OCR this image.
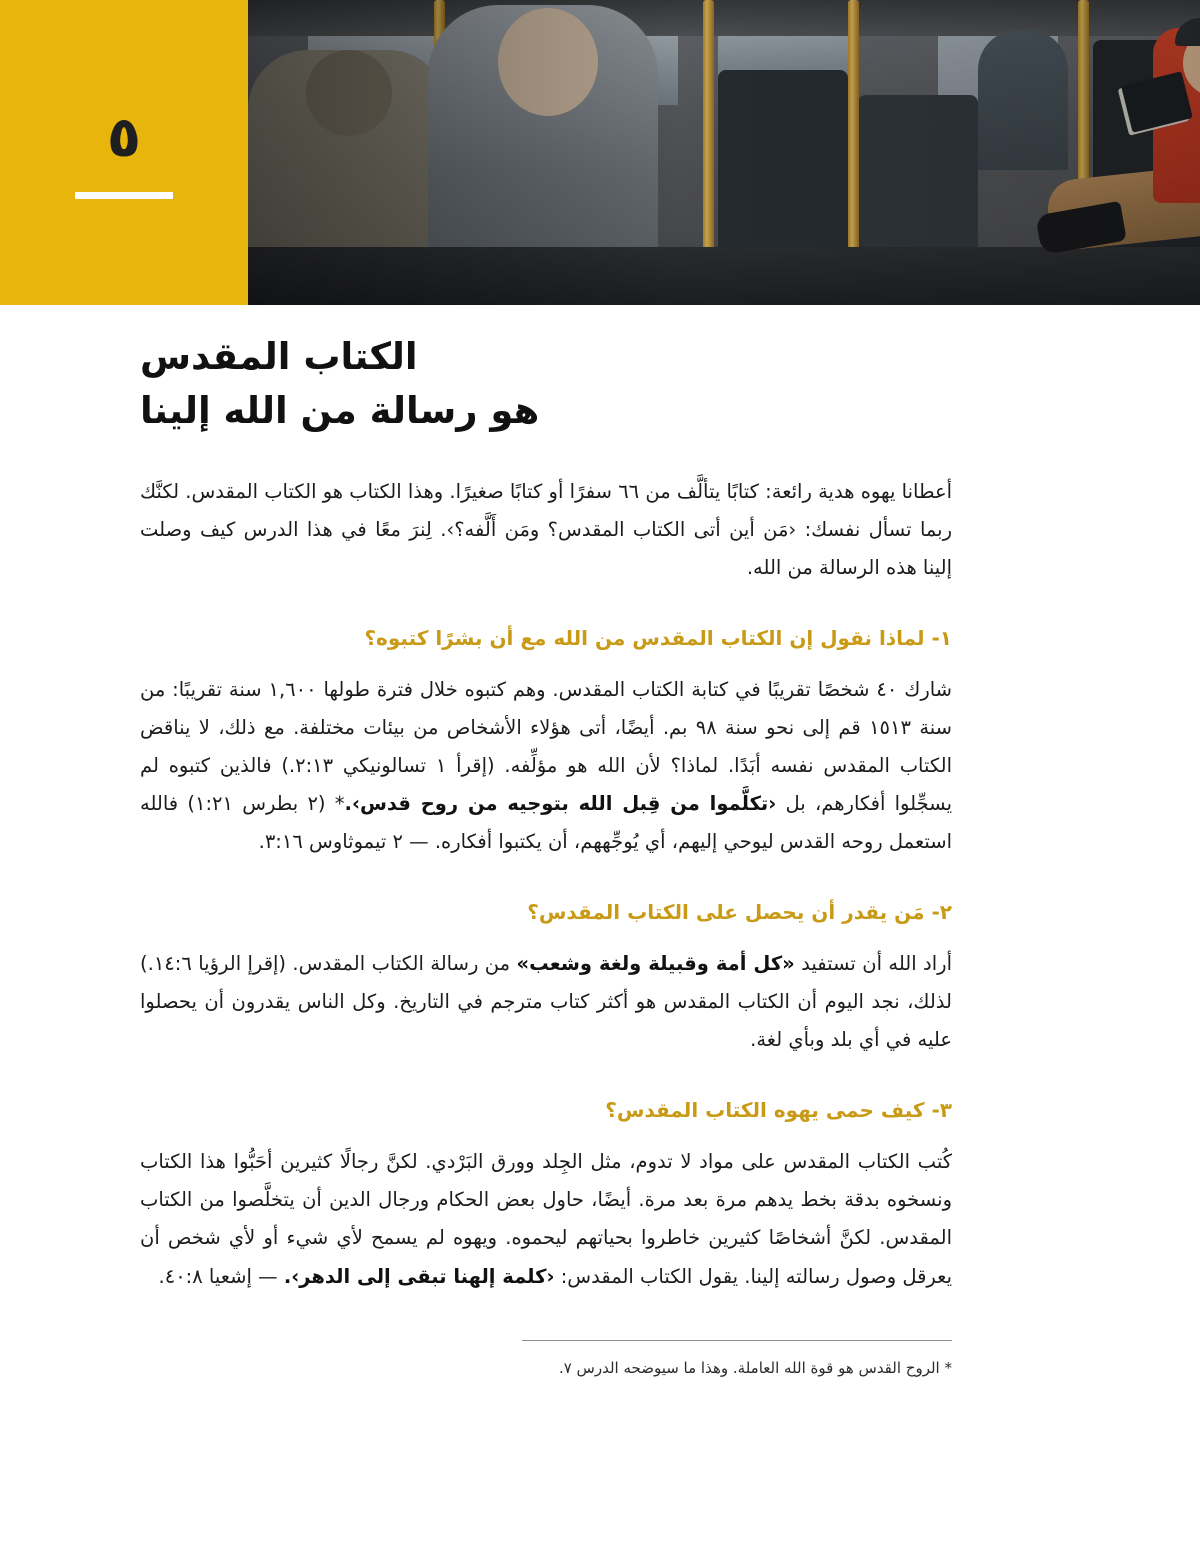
٥
الكتاب المقدس
هو رسالة من الله إلينا

أعطانا يهوه هدية رائعة: كتابًا يتألَّف من ٦٦ سفرًا أو كتابًا صغيرًا. وهذا الكتاب هو الكتاب المقدس. لكنَّك ربما تسأل نفسك: ‹مَن أين أتى الكتاب المقدس؟ ومَن أَلَّفه؟›. لِنرَ معًا في هذا الدرس كيف وصلت إلينا هذه الرسالة من الله.

١- لماذا نقول إن الكتاب المقدس من الله مع أن بشرًا كتبوه؟

شارك ٤٠ شخصًا تقريبًا في كتابة الكتاب المقدس. وهم كتبوه خلال فترة طولها ١,٦٠٠ سنة تقريبًا: من سنة ١٥١٣ قم إلى نحو سنة ٩٨ بم. أيضًا، أتى هؤلاء الأشخاص من بيئات مختلفة. مع ذلك، لا يناقض الكتاب المقدس نفسه أبَدًا. لماذا؟ لأن الله هو مؤلِّفه. (إقرأ ١ تسالونيكي ٢:١٣.) فالذين كتبوه لم يسجِّلوا أفكارهم، بل ‹تكلَّموا من قِبل الله بتوجيه من روح قدس›.* (٢ بطرس ١:٢١) فالله استعمل روحه القدس ليوحي إليهم، أي يُوجِّههم، أن يكتبوا أفكاره. — ٢ تيموثاوس ٣:١٦.

٢- مَن يقدر أن يحصل على الكتاب المقدس؟

أراد الله أن تستفيد «كل أمة وقبيلة ولغة وشعب» من رسالة الكتاب المقدس. (إقرإ الرؤيا ١٤:٦.) لذلك، نجد اليوم أن الكتاب المقدس هو أكثر كتاب مترجم في التاريخ. وكل الناس يقدرون أن يحصلوا عليه في أي بلد وبأي لغة.

٣- كيف حمى يهوه الكتاب المقدس؟

كُتب الكتاب المقدس على مواد لا تدوم، مثل الجِلد وورق البَرْدي. لكنَّ رجالًا كثيرين أحَبُّوا هذا الكتاب ونسخوه بدقة بخط يدهم مرة بعد مرة. أيضًا، حاول بعض الحكام ورجال الدين أن يتخلَّصوا من الكتاب المقدس. لكنَّ أشخاصًا كثيرين خاطروا بحياتهم ليحموه. ويهوه لم يسمح لأي شيء أو لأي شخص أن يعرقل وصول رسالته إلينا. يقول الكتاب المقدس: ‹كلمة إلهنا تبقى إلى الدهر›. — إشعيا ٤٠:٨.

* الروح القدس هو قوة الله العاملة. وهذا ما سيوضحه الدرس ٧.
